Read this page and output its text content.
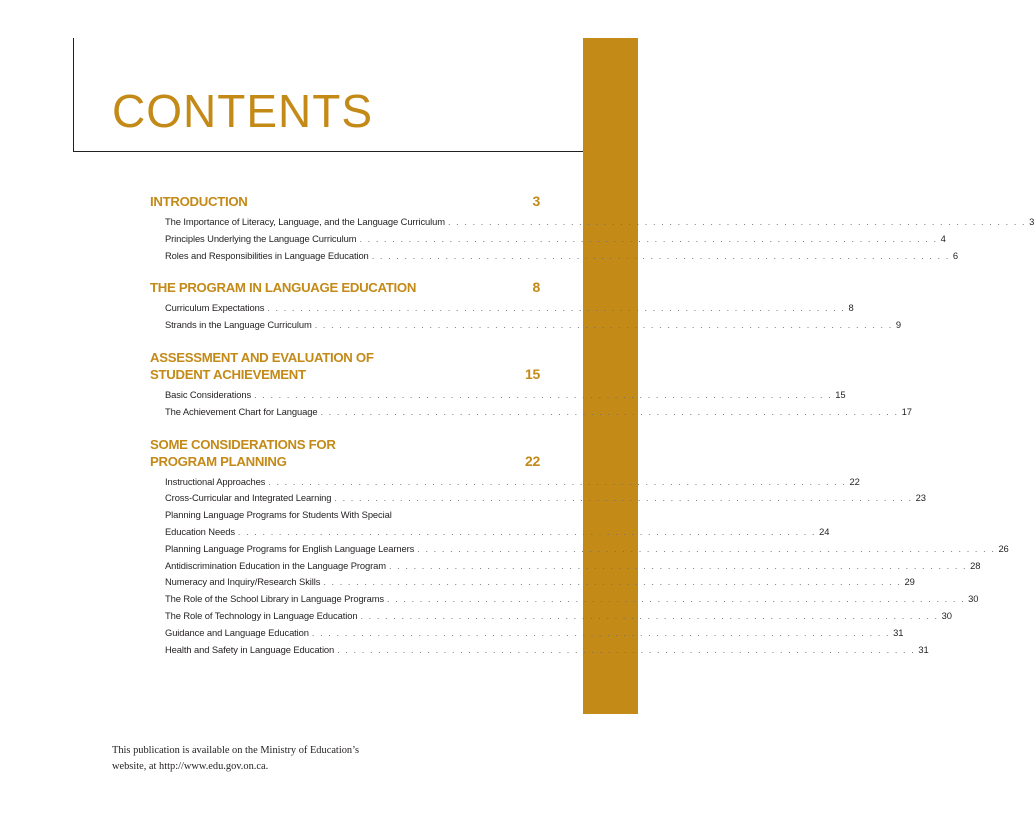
CONTENTS
INTRODUCTION	3
The Importance of Literacy, Language, and the Language Curriculum . . . . . . . . . . . . . . . . . . . . . . . . . . . . . . . . . . . . . . . . . . . . . . . . . . . . . . . . . . . . . . . . . . . . . . . 3
Principles Underlying the Language Curriculum . . . . . . . . . . . . . . . . . . . . . . . . . . . . . . . . . . . . . . . . . . . . . . . . . . . . . . . . . . . . . . . . . . . . . . . 4
Roles and Responsibilities in Language Education . . . . . . . . . . . . . . . . . . . . . . . . . . . . . . . . . . . . . . . . . . . . . . . . . . . . . . . . . . . . . . . . . . . . . . . 6
THE PROGRAM IN LANGUAGE EDUCATION	8
Curriculum Expectations . . . . . . . . . . . . . . . . . . . . . . . . . . . . . . . . . . . . . . . . . . . . . . . . . . . . . . . . . . . . . . . . . . . . . . . 8
Strands in the Language Curriculum . . . . . . . . . . . . . . . . . . . . . . . . . . . . . . . . . . . . . . . . . . . . . . . . . . . . . . . . . . . . . . . . . . . . . . . 9
ASSESSMENT AND EVALUATION OF
STUDENT ACHIEVEMENT	15
Basic Considerations . . . . . . . . . . . . . . . . . . . . . . . . . . . . . . . . . . . . . . . . . . . . . . . . . . . . . . . . . . . . . . . . . . . . . . . 15
The Achievement Chart for Language . . . . . . . . . . . . . . . . . . . . . . . . . . . . . . . . . . . . . . . . . . . . . . . . . . . . . . . . . . . . . . . . . . . . . . . 17
SOME CONSIDERATIONS FOR
PROGRAM PLANNING	22
Instructional Approaches . . . . . . . . . . . . . . . . . . . . . . . . . . . . . . . . . . . . . . . . . . . . . . . . . . . . . . . . . . . . . . . . . . . . . . . 22
Cross-Curricular and Integrated Learning . . . . . . . . . . . . . . . . . . . . . . . . . . . . . . . . . . . . . . . . . . . . . . . . . . . . . . . . . . . . . . . . . . . . . . . 23
Planning Language Programs for Students With Special
Education Needs . . . . . . . . . . . . . . . . . . . . . . . . . . . . . . . . . . . . . . . . . . . . . . . . . . . . . . . . . . . . . . . . . . . . . . . 24
Planning Language Programs for English Language Learners . . . . . . . . . . . . . . . . . . . . . . . . . . . . . . . . . . . . . . . . . . . . . . . . . . . . . . . . . . . . . . . . . . . . . . . 26
Antidiscrimination Education in the Language Program . . . . . . . . . . . . . . . . . . . . . . . . . . . . . . . . . . . . . . . . . . . . . . . . . . . . . . . . . . . . . . . . . . . . . . . 28
Numeracy and Inquiry/Research Skills . . . . . . . . . . . . . . . . . . . . . . . . . . . . . . . . . . . . . . . . . . . . . . . . . . . . . . . . . . . . . . . . . . . . . . . 29
The Role of the School Library in Language Programs . . . . . . . . . . . . . . . . . . . . . . . . . . . . . . . . . . . . . . . . . . . . . . . . . . . . . . . . . . . . . . . . . . . . . . . 30
The Role of Technology in Language Education . . . . . . . . . . . . . . . . . . . . . . . . . . . . . . . . . . . . . . . . . . . . . . . . . . . . . . . . . . . . . . . . . . . . . . . 30
Guidance and Language Education . . . . . . . . . . . . . . . . . . . . . . . . . . . . . . . . . . . . . . . . . . . . . . . . . . . . . . . . . . . . . . . . . . . . . . . 31
Health and Safety in Language Education . . . . . . . . . . . . . . . . . . . . . . . . . . . . . . . . . . . . . . . . . . . . . . . . . . . . . . . . . . . . . . . . . . . . . . . 31
This publication is available on the Ministry of Education’s website, at http://www.edu.gov.on.ca.
